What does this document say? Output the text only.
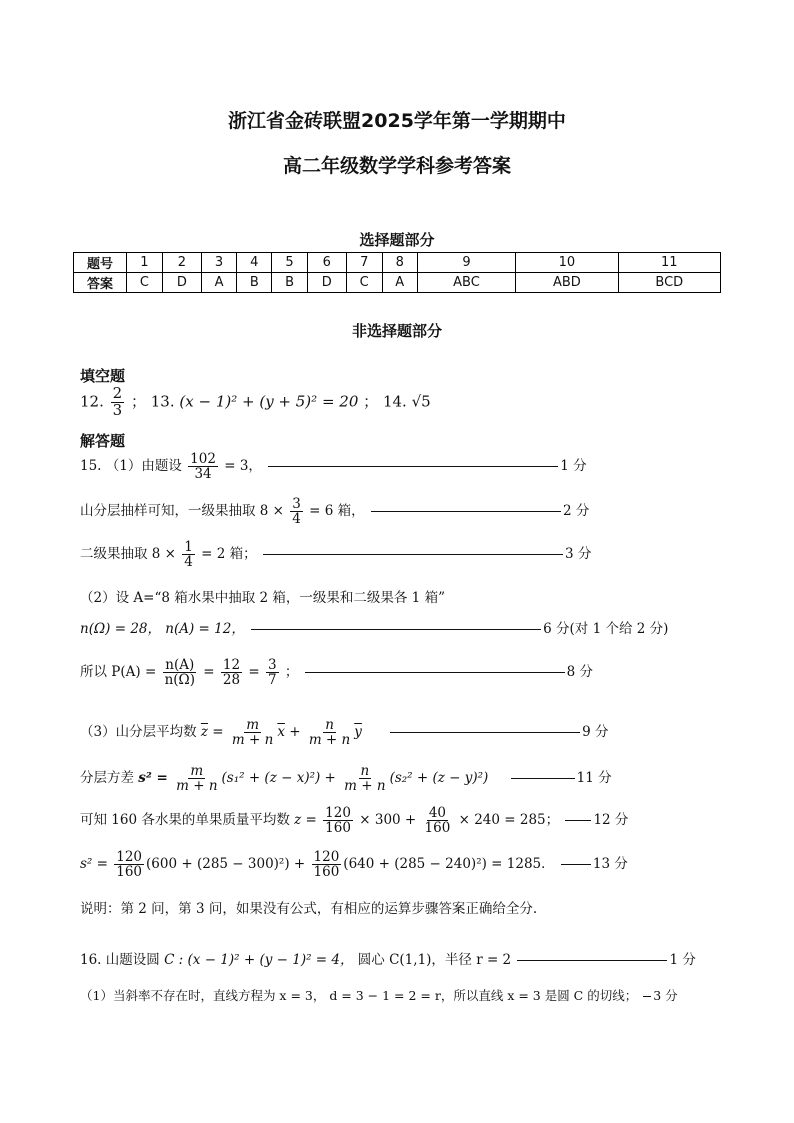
浙江省金砖联盟2025学年第一学期期中
高二年级数学学科参考答案
选择题部分
题号	1	2	3	4	5	6	7	8	9	10	11
答案	C	D	A	B	B	D	C	A	ABC	ABD	BCD
非选择题部分
填空题
12. $\frac{2}{3}$ ； 13. (x − 1)² + (y + 5)² = 20 ； 14. √5
解答题
15. （1）由题设 $\frac{102}{34} = 3$，	1 分
山分层抽样可知，一级果抽取 $8 \times \frac{3}{4} = 6$ 箱，	2 分
二级果抽取 $8 \times \frac{1}{4} = 2$ 箱；	3 分
（2）设 A=“8 箱水果中抽取 2 箱，一级果和二级果各 1 箱”
n(Ω) = 28， n(A) = 12，	6 分(对 1 个给 2 分)
所以 $P(A) = \frac{n(A)}{n(\Omega)} = \frac{12}{28} = \frac{3}{7}$ ；	8 分
（3）山分层平均数 $\overline{z} = \frac{m}{m + n} \overline{x} + \frac{n}{m + n} \overline{y}$	9 分
分层方差 $s^2 = \frac{m}{m + n} (s_1^2 + (z - x)^2) + \frac{n}{m + n} (s_2^2 + (z - y)^2)$	11 分
可知 160 各水果的单果质量平均数 $z = \frac{120}{160} \times 300 + \frac{40}{160} \times 240 = 285$；	12 分
$s^2 = \frac{120}{160} (600 + (285 - 300)^2) + \frac{120}{160} (640 + (285 - 240)^2) = 1285$．	13 分
说明：第 2 问，第 3 问，如果没有公式，有相应的运算步骤答案正确给全分.
16. 山题设圆 C : (x − 1)² + (y − 1)² = 4， 圆心 C(1,1)，半径 r = 2	1 分
（1）当斜率不存在时，直线方程为 x = 3， d = 3 − 1 = 2 = r，所以直线 x = 3 是圆 C 的切线； 3 分
